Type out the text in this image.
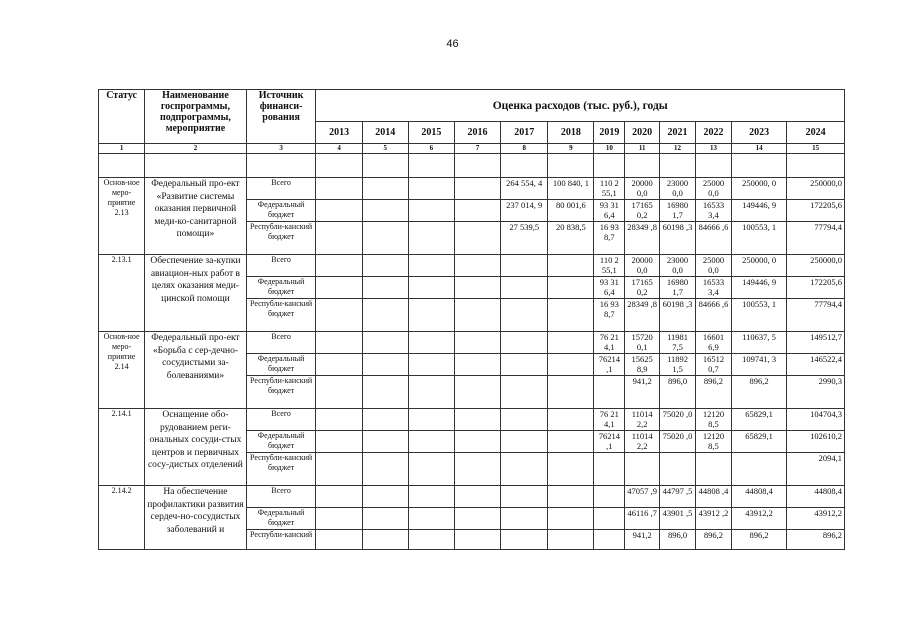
46
Статус	Наименование госпрограммы, подпрограммы, мероприятие	Источник финанси-рования	Оценка расходов (тыс. руб.), годы											
			2013	2014	2015	2016	2017	2018	2019	2020	2021	2022	2023	2024
1	2	3	4	5	6	7	8	9	10	11	12	13	14	15

Основ-ное меро-приятие 2.13	Федеральный про-ект «Развитие системы оказания первичной меди-ко-санитарной помощи»	Всего					264 554, 4	100 840, 1	110 2 55,1	20000 0,0	23000 0,0	25000 0,0	250000, 0	250000,0
		Федеральный бюджет					237 014, 9	80 001,6	93 31 6,4	17165 0,2	16980 1,7	16533 3,4	149446, 9	172205,6
		Республи-канский бюджет					27 539,5	20 838,5	16 93 8,7	28349 ,8	60198 ,3	84666 ,6	100553, 1	77794,4
2.13.1	Обеспечение за-купки авиацион-ных работ в целях оказания меди-цинской помощи	Всего							110 2 55,1	20000 0,0	23000 0,0	25000 0,0	250000, 0	250000,0
		Федеральный бюджет							93 31 6,4	17165 0,2	16980 1,7	16533 3,4	149446, 9	172205,6
		Республи-канский бюджет							16 93 8,7	28349 ,8	60198 ,3	84666 ,6	100553, 1	77794,4
Основ-ное меро-приятие 2.14	Федеральный про-ект «Борьба с сер-дечно-сосудистыми за-болеваниями»	Всего							76 21 4,1	15720 0,1	11981 7,5	16601 6,9	110637, 5	149512,7
		Федеральный бюджет							76214 ,1	15625 8,9	11892 1,5	16512 0,7	109741, 3	146522,4
		Республи-канский бюджет								941,2	896,0	896,2	896,2	2990,3
2.14.1	Оснащение обо-рудованием реги-ональных сосуди-стых центров и первичных сосу-дистых отделений	Всего							76 21 4,1	11014 2,2	75020 ,0	12120 8,5	65829,1	104704,3
		Федеральный бюджет							76214 ,1	11014 2,2	75020 ,0	12120 8,5	65829,1	102610,2
		Республи-канский бюджет												2094,1
2.14.2	На обеспечение профилактики развития сердеч-но-сосудистых заболеваний и	Всего								47057 ,9	44797 ,5	44808 ,4	44808,4	44808,4
		Федеральный бюджет								46116 ,7	43901 ,5	43912 ,2	43912,2	43912,2
		Республи-канский								941,2	896,0	896,2	896,2	896,2
